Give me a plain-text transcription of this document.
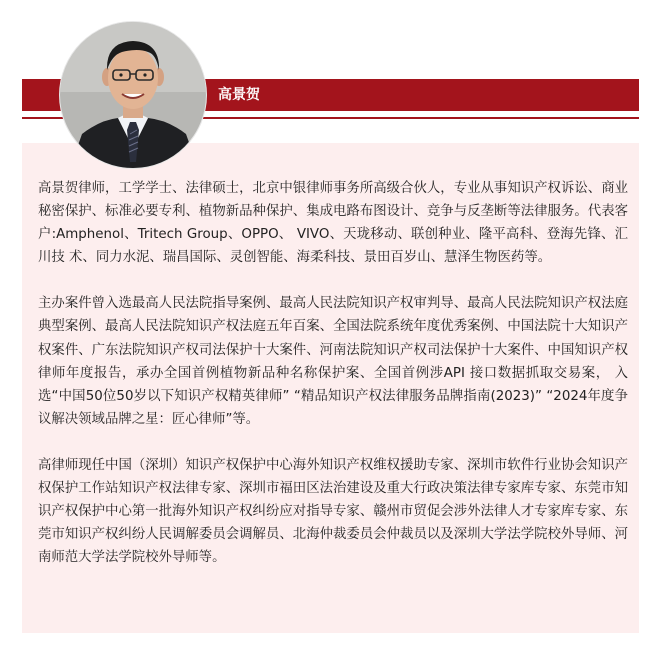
高景贺

高景贺律师，工学学士、法律硕士，北京中银律师事务所高级合伙人，专业从事知识产权诉讼、商业秘密保护、标准必要专利、植物新品种保护、集成电路布图设计、竞争与反垄断等法律服务。代表客户:Amphenol、Tritech Group、OPPO、 VIVO、天珑移动、联创种业、隆平高科、登海先锋、汇川技 术、同力水泥、瑞昌国际、灵创智能、海柔科技、景田百岁山、慧泽生物医药等。

主办案件曾入选最高人民法院指导案例、最高人民法院知识产权审判导、最高人民法院知识产权法庭典型案例、最高人民法院知识产权法庭五年百案、全国法院系统年度优秀案例、中国法院十大知识产权案件、广东法院知识产权司法保护十大案件、河南法院知识产权司法保护十大案件、中国知识产权律师年度报告，承办全国首例植物新品种名称保护案、全国首例涉API 接口数据抓取交易案， 入选“中国50位50岁以下知识产权精英律师” “精品知识产权法律服务品牌指南(2023)” “2024年度争议解决领域品牌之星：匠心律师”等。

高律师现任中国（深圳）知识产权保护中心海外知识产权维权援助专家、深圳市软件行业协会知识产权保护工作站知识产权法律专家、深圳市福田区法治建设及重大行政决策法律专家库专家、东莞市知识产权保护中心第一批海外知识产权纠纷应对指导专家、赣州市贸促会涉外法律人才专家库专家、东莞市知识产权纠纷人民调解委员会调解员、北海仲裁委员会仲裁员以及深圳大学法学院校外导师、河南师范大学法学院校外导师等。
